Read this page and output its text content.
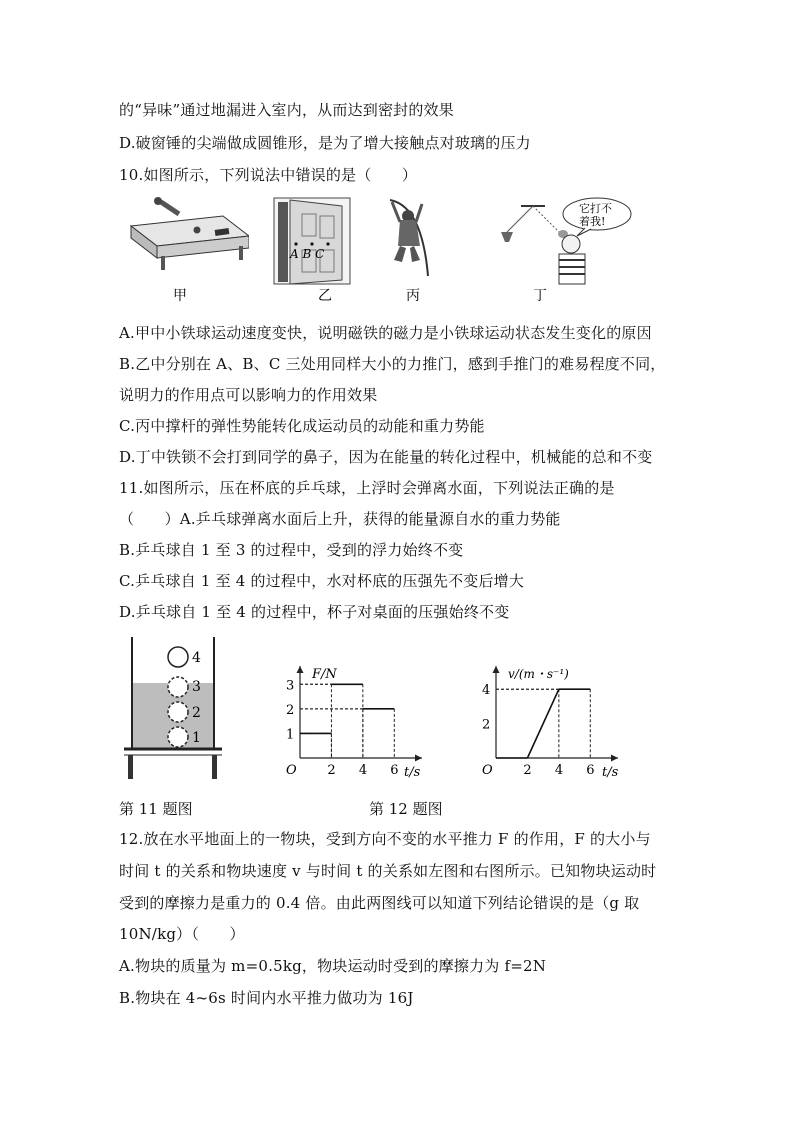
的“异味”通过地漏进入室内，从而达到密封的效果
D.破窗锤的尖端做成圆锥形，是为了增大接触点对玻璃的压力
10.如图所示，下列说法中错误的是（　　）
甲
A B C
乙	丙
它打不
着我!
丁
A.甲中小铁球运动速度变快，说明磁铁的磁力是小铁球运动状态发生变化的原因
B.乙中分别在 A、B、C 三处用同样大小的力推门，感到手推门的难易程度不同，
说明力的作用点可以影响力的作用效果
C.丙中撑杆的弹性势能转化成运动员的动能和重力势能
D.丁中铁锁不会打到同学的鼻子，因为在能量的转化过程中，机械能的总和不变
11.如图所示，压在杯底的乒乓球，上浮时会弹离水面，下列说法正确的是
（　　）A.乒乓球弹离水面后上升，获得的能量源自水的重力势能
B.乒乓球自 1 至 3 的过程中，受到的浮力始终不变
C.乒乓球自 1 至 4 的过程中，水对杯底的压强先不变后增大
D.乒乓球自 1 至 4 的过程中，杯子对桌面的压强始终不变
4
3
2
1
F/N
t/s
O 2 4 6
1
2
3
v/(m・s⁻¹)
t/s
O 2 4 6
2
4
第 11 题图	第 12 题图
12.放在水平地面上的一物块，受到方向不变的水平推力 F 的作用，F 的大小与
时间 t 的关系和物块速度 v 与时间 t 的关系如左图和右图所示。已知物块运动时
受到的摩擦力是重力的 0.4 倍。由此两图线可以知道下列结论错误的是（g 取
10N/kg）（　　）
A.物块的质量为 m=0.5kg，物块运动时受到的摩擦力为 f=2N
B.物块在 4~6s 时间内水平推力做功为 16J
